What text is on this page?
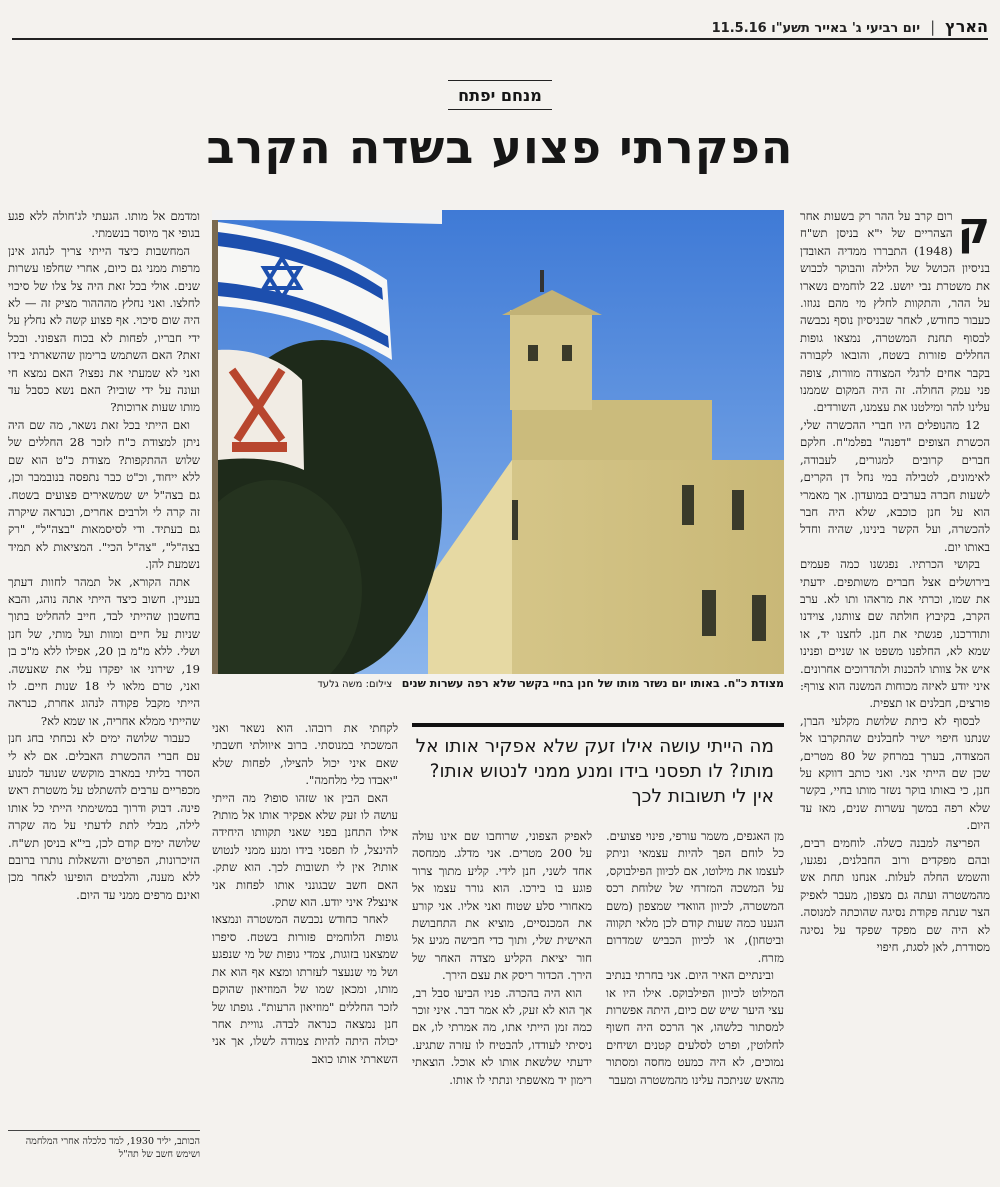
הארץ
|
יום רביעי ג' באייר תשע"ו 11.5.16
מנחם יפתח
הפקרתי פצוע בשדה הקרב

ק
רום קרב על ההר רק בשעות אחר הצהריים של י"א בניסן תש"ח (1948) התבררו ממדיה האובדן בניסיון הכושל של הלילה והבוקר לכבוש את משטרת נבי יושע. 22 לוחמים נשארו על ההר, והתקוות לחלץ מי מהם נגוזו. כעבור כחודש, לאחר שבניסיון נוסף נכבשה לבסוף תחנת המשטרה, נמצאו גופות החללים פזורות בשטח, והובאו לקבורה בקבר אחים לרגלי המצודה מוורות, צופה פני עמק החולה. זה היה המקום שממנו עלינו להר ומילטנו את עצמנו, השורדים.

12 מהנופלים היו חברי ההכשרה שלי, הכשרת הצופים "דפנה" בפלמ"ח. חלקם חברים קרובים למגורים, לעבודה, לאימונים, לטבילה במי נחל דן הקרים, לשעות חברה בערבים במועדון. אך מאמרי הוא על חנן כוכבא, שלא היה חבר להכשרה, ועל הקשר בינינו, שהיה וחדל באותו יום.

בקושי הכרתיו. נפגשנו כמה פעמים בירושלים אצל חברים משותפים. ידעתי את שמו, וכרתי את מראהו ותו לא. ערב הקרב, בקיבוץ חולתה שם צוותנו, צוידנו ותודרכנו, פגשתי את חנן. לחצנו יד, או שמא לא, החלפנו משפט או שניים ופנינו איש אל צוותו להכנות ולתדרוכים אחרונים. איני יודע לאיזה מכוחות המשנה הוא צורף: פורצים, חבלנים או תצפית.

לבסוף לא כיתת שלושת מקלעי הברן, שנתנו חיפוי ישיר לחבלנים שהתקרבו אל המצודה, בערך במרחק של 80 מטרים, שכן שם הייתי אני. ואני כותב דווקא על חנן, כי באותו בוקר נשזר מותו בחיי, בקשר שלא רפה במשך עשרות שנים, מאז עד היום.

הפריצה למבנה כשלה. לוחמים רבים, ובהם מפקדים ורוב החבלנים, נפגעו, והשמש החלה לעלות. אנחנו תחת אש מהמשטרה ועתה גם מצפון, מעבר לאפיק הצר שנתה פקודת נסיגה שהוכתה למנוסה. לא היה שם מפקד שפקד על נסיגה מסודרת, לאן לסגת, חיפוי

מצודת כ"ח. באותו יום נשזר מותו של חנן בחיי בקשר שלא רפה עשרות שנים צילום: משה גלעד
מה הייתי עושה אילו זעק שלא אפקיר אותו אל מותו? לו תפסני בידו ומנע ממני לנטוש אותו? אין לי תשובות לכך

מן האגפים, משמר עורפי, פינוי פצועים. כל לוחם הפך להיות עצמאי וניתק לעצמו את מילוטו, אם לכיוון הפילבוקס, על המשכה המזרחי של שלוחת רכס המשטרה, לכיוון הוואדי שמצפון (משם הגענו כמה שעות קודם לכן מלאי תקווה וביטחון), או לכיוון הכביש שמדרום מזרח.

ובינתיים האיר היום. אני בחרתי בנתיב המילוט לכיוון הפילבוקס. אילו היו או עצי היער שיש שם כיום, היתה אפשרות למסתור כלשהו, אך הרכס היה חשוף לחלוטין, ופרט לסלעים קטנים ושיחים נמוכים, לא היה כמעט מחסה ומסתור מהאש שניתכה עלינו מהמשטרה ומעבר

לאפיק הצפוני, שרוחבו שם אינו עולה על 200 מטרים. אני מדלג. ממחסה אחד לשני, חנן לידי. קליע מתוך צרור פוגע בו בירכו. הוא גורר עצמו אל מאחורי סלע שטוח ואני אליו. אני קורע את המכנסיים, מוציא את התחבושת האישית שלי, ותוך כדי חבישה מגיע אל חור יציאת הקליע מצדה האחר של הירך. הכדור ריסק את עצם הירך.

הוא היה בהכרה. פניו הביעו סבל רב, אך הוא לא זעק, לא אמר דבר. איני זוכר כמה זמן הייתי אתו, מה אמרתי לו, אם ניסיתי לעודדו, להבטיח לו עזרה שתגיע. ידעתי שלשאת אותו לא אוכל. הוצאתי רימון יד מאשפתי ונתתי לו אותו.

לקחתי את רובהו. הוא נשאר ואני המשכתי במנוסתי. ברוב איוולתי חשבתי שאם איני יכול להצילו, לפחות שלא "יאבדו כלי מלחמה".

האם הבין או שזהו סופו? מה הייתי עושה לו זעק שלא אפקיר אותו אל מותו? אילו התחנן בפני שאני תקוותו היחידה להינצל, לו תפסני בידו ומנע ממני לנטוש אותו? אין לי תשובות לכך. הוא שתק. האם חשב שבגונני אותו לפחות אני אינצל? איני יודע. הוא שתק.

לאחר כחודש נכבשה המשטרה ונמצאו גופות הלוחמים פזורות בשטח. סיפרו שמצאנו בזוגות, צמדי גופות של מי שנפגע ושל מי שנעצר לעזרתו ומצא אף הוא את מותו, ומכאן שמו של המוזיאון שהוקם לזכר החללים "מוזיאון הרעות". גופתו של חנן נמצאה כנראה לבדה. גוויית אחר יכולה היתה להיות צמודה לשלו, אך אני השארתי אותו כואב

ומדמם אל מותו. הגעתי לג'חולה ללא פגע בגופי אך מיוסר בנשמתי.

המחשבות כיצד הייתי צריך לנהוג אינן מרפות ממני גם כיום, אחרי שחלפו עשרות שנים. אולי בכל זאת היה צל צלו של סיכוי לחלצו. ואני נחלץ מהההור מציק זה — לא היה שום סיכוי. אף פצוע קשה לא נחלץ על ידי חבריו, לפחות לא בכוח הצפוני. ובכל זאת? האם השתמש ברימון שהשארתי בידו ואני לא שמעתי את נפצו? האם נמצא חי ועונה על ידי שוביו? האם נשא כסבל עד מותו שעות ארוכות?

ואם הייתי בכל זאת נשאר, מה שם היה ניתן למצודת כ"ח לזכר 28 החללים של שלוש ההתקפות? מצודת כ"ט הוא שם ללא ייחוד, וכ"ט כבר נתפסה בנובמבר וכן, גם בצה"ל יש שמשאירים פצועים בשטח. זה קרה לי ולרבים אחרים, וכנראה שיקרה גם בעתיד. ודי לסיסמאות "בצה"ל", "רק בצה"ל", "צה"ל הכי". המציאות לא תמיד נשמעת להן.

אתה הקורא, אל תמהר לחוות דעתך בעניין. חשוב כיצד הייתי אתה נוהג, והבא בחשבון שהייתי לבד, חייב להחליט בתוך שניות על חיים ומוות ועל מותי, של חנן ושלי. ללא מ"מ בן 20, אפילו ללא מ"כ בן 19, שירוני או יפקדו עלי את שאעשה. ואני, טרם מלאו לי 18 שנות חיים. לו הייתי מקבל פקודה לנהוג אחרת, כנראה שהייתי ממלא אחריה, או שמא לא?

כעבור שלושה ימים לא נכחתי בחג חנן עם חברי ההכשרת האבלים. אם לא לי הסדר בליתי במארב מוקשש שנועד למנוע מכפריים ערבים להשתלט על משטרת ראש פינה. דבוק ודרוך במשימתי הייתי כל אותו לילה, מבלי לתת לדעתי על מה שקרה שלושה ימים קודם לכן, בי"א בניסן תש"ח. הזיכרונות, הפרטים והשאלות נותרו ברובם ללא מענה, והלבטים הופיעו לאחר מכן ואינם מרפים ממני עד היום.

הכותב, יליד 1930, למד כלכלה אחרי המלחמה ושימש חשב של תה"ל
